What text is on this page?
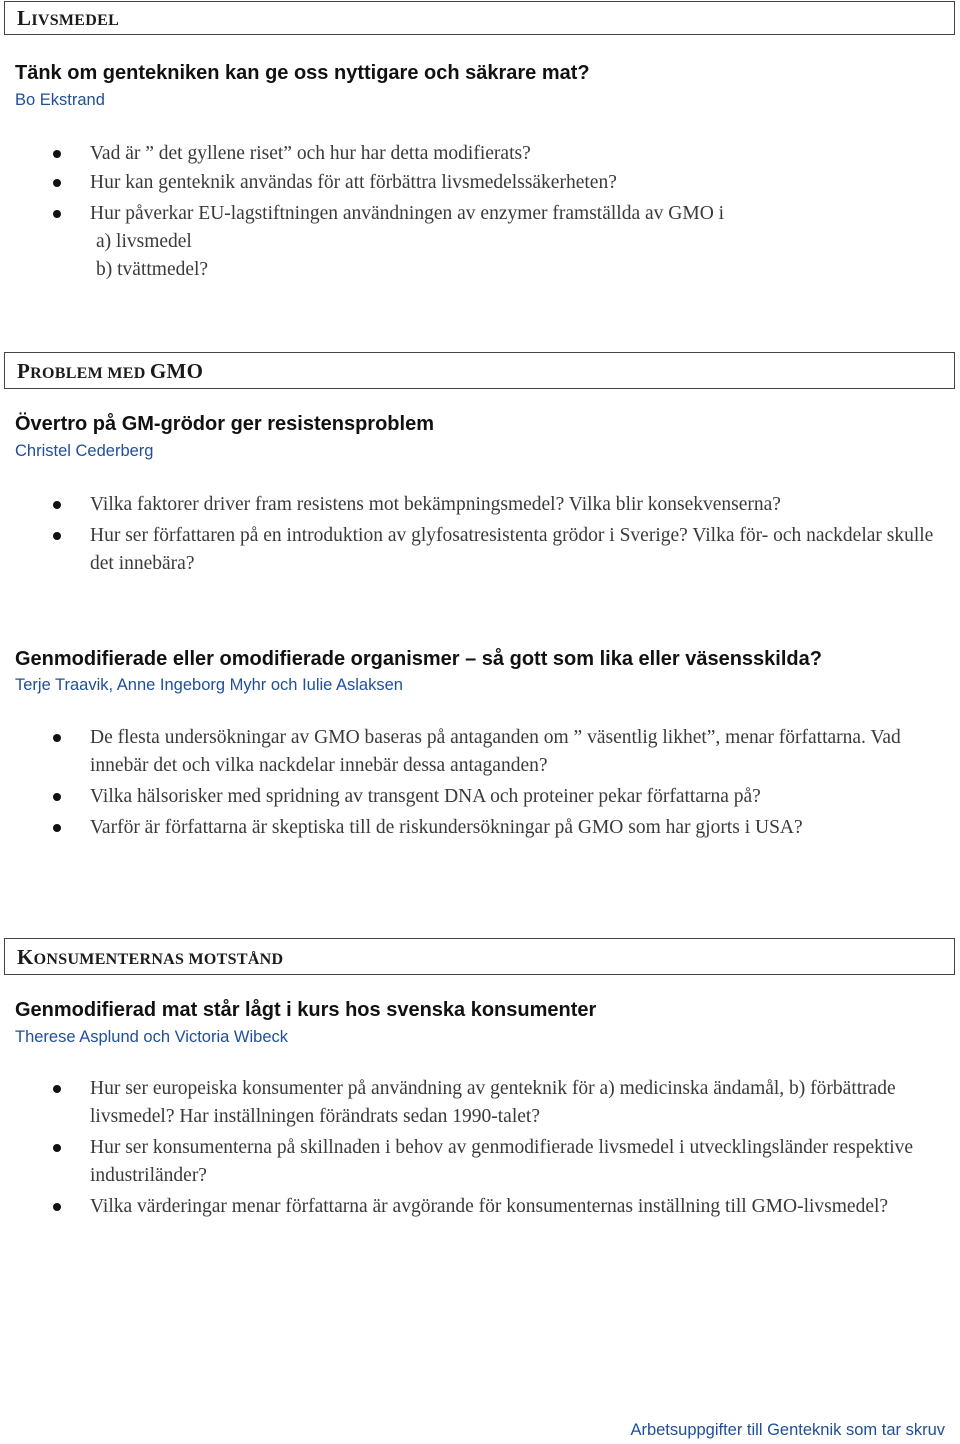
LIVSMEDEL
Tänk om gentekniken kan ge oss nyttigare och säkrare mat?
Bo Ekstrand
Vad är ” det gyllene riset” och hur har detta modifierats?
Hur kan genteknik användas för att förbättra livsmedelssäkerheten?
Hur påverkar EU-lagstiftningen användningen av enzymer framställda av GMO i
a) livsmedel
b) tvättmedel?
PROBLEM MED GMO
Övertro på GM-grödor ger resistensproblem
Christel Cederberg
Vilka faktorer driver fram resistens mot bekämpningsmedel? Vilka blir konsekvenserna?
Hur ser författaren på en introduktion av glyfosatresistenta grödor i Sverige? Vilka för- och nackdelar skulle det innebära?
Genmodifierade eller omodifierade organismer – så gott som lika eller väsensskilda?
Terje Traavik, Anne Ingeborg Myhr och Iulie Aslaksen
De flesta undersökningar av GMO baseras på antaganden om ” väsentlig likhet”, menar författarna. Vad innebär det och vilka nackdelar innebär dessa antaganden?
Vilka hälsorisker med spridning av transgent DNA och proteiner pekar författarna på?
Varför är författarna är skeptiska till de riskundersökningar på GMO som har gjorts i USA?
KONSUMENTERNAS MOTSTÅND
Genmodifierad mat står lågt i kurs hos svenska konsumenter
Therese Asplund och Victoria Wibeck
Hur ser europeiska konsumenter på användning av genteknik för a) medicinska ändamål, b) förbättrade livsmedel? Har inställningen förändrats sedan 1990-talet?
Hur ser konsumenterna på skillnaden i behov av genmodifierade livsmedel i utvecklingsländer respektive industriländer?
Vilka värderingar menar författarna är avgörande för konsumenternas inställning till GMO-livsmedel?
Arbetsuppgifter till Genteknik som tar skruv
